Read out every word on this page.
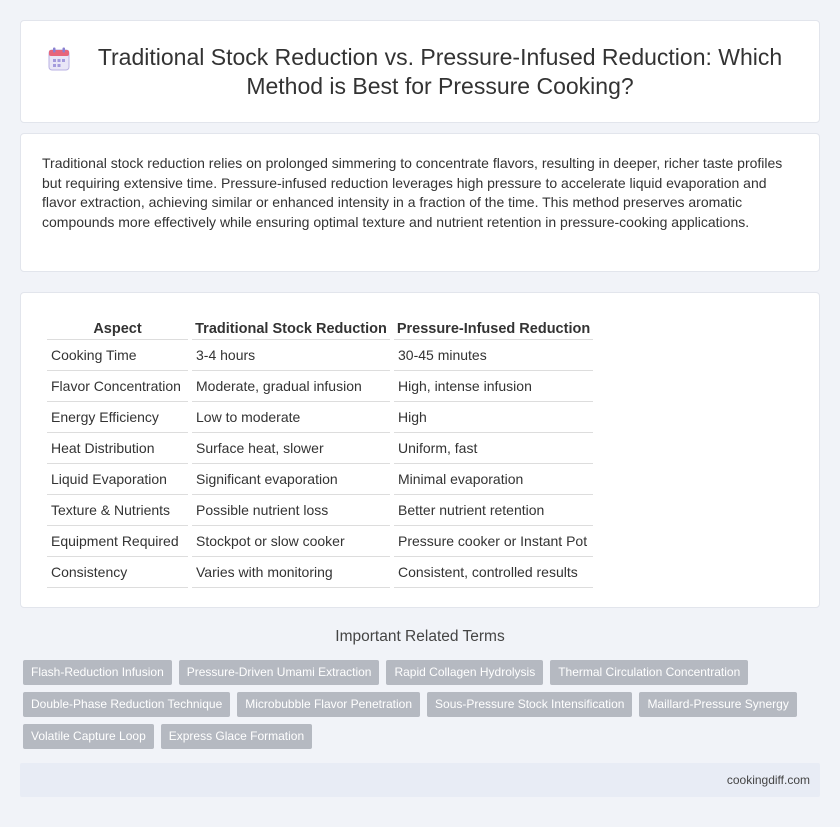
Traditional Stock Reduction vs. Pressure-Infused Reduction: Which Method is Best for Pressure Cooking?

Traditional stock reduction relies on prolonged simmering to concentrate flavors, resulting in deeper, richer taste profiles but requiring extensive time. Pressure-infused reduction leverages high pressure to accelerate liquid evaporation and flavor extraction, achieving similar or enhanced intensity in a fraction of the time. This method preserves aromatic compounds more effectively while ensuring optimal texture and nutrient retention in pressure-cooking applications.

Aspect	Traditional Stock Reduction	Pressure-Infused Reduction
Cooking Time	3-4 hours	30-45 minutes
Flavor Concentration	Moderate, gradual infusion	High, intense infusion
Energy Efficiency	Low to moderate	High
Heat Distribution	Surface heat, slower	Uniform, fast
Liquid Evaporation	Significant evaporation	Minimal evaporation
Texture & Nutrients	Possible nutrient loss	Better nutrient retention
Equipment Required	Stockpot or slow cooker	Pressure cooker or Instant Pot
Consistency	Varies with monitoring	Consistent, controlled results
Important Related Terms
Flash-Reduction Infusion	Pressure-Driven Umami Extraction	Rapid Collagen Hydrolysis	Thermal Circulation Concentration
Double-Phase Reduction Technique	Microbubble Flavor Penetration	Sous-Pressure Stock Intensification	Maillard-Pressure Synergy
Volatile Capture Loop	Express Glace Formation
cookingdiff.com
